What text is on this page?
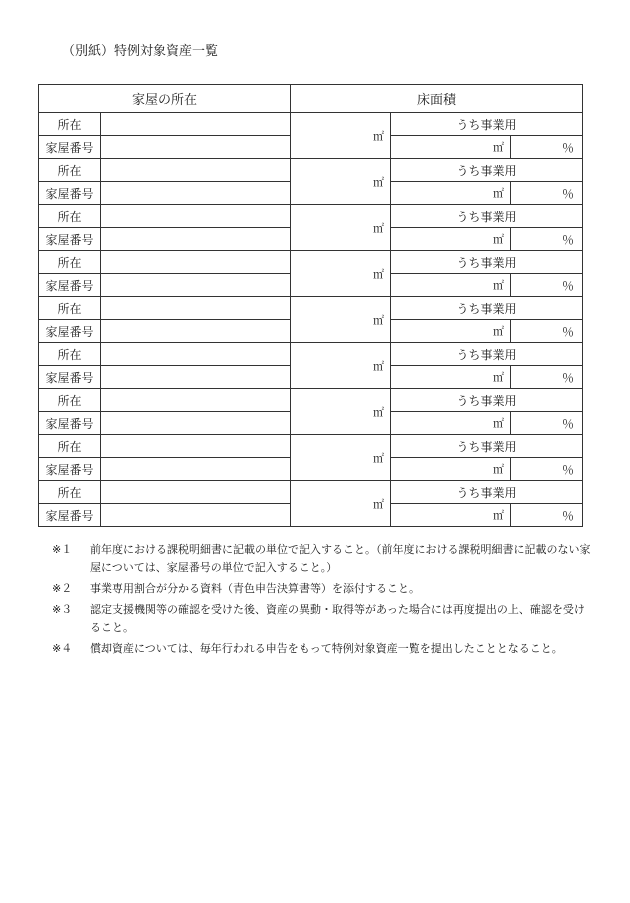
（別紙）特例対象資産一覧
家屋の所在		床面積		
所在		㎡	うち事業用	
家屋番号			㎡	％
所在		㎡	うち事業用	
家屋番号			㎡	％
所在		㎡	うち事業用	
家屋番号			㎡	％
所在		㎡	うち事業用	
家屋番号			㎡	％
所在		㎡	うち事業用	
家屋番号			㎡	％
所在		㎡	うち事業用	
家屋番号			㎡	％
所在		㎡	うち事業用	
家屋番号			㎡	％
所在		㎡	うち事業用	
家屋番号			㎡	％
所在		㎡	うち事業用	
家屋番号			㎡	％
※１	前年度における課税明細書に記載の単位で記入すること。（前年度における課税明細書に記載のない家屋については、家屋番号の単位で記入すること。）
※２	事業専用割合が分かる資料（青色申告決算書等）を添付すること。
※３	認定支援機関等の確認を受けた後、資産の異動・取得等があった場合には再度提出の上、確認を受けること。
※４	償却資産については、毎年行われる申告をもって特例対象資産一覧を提出したこととなること。
